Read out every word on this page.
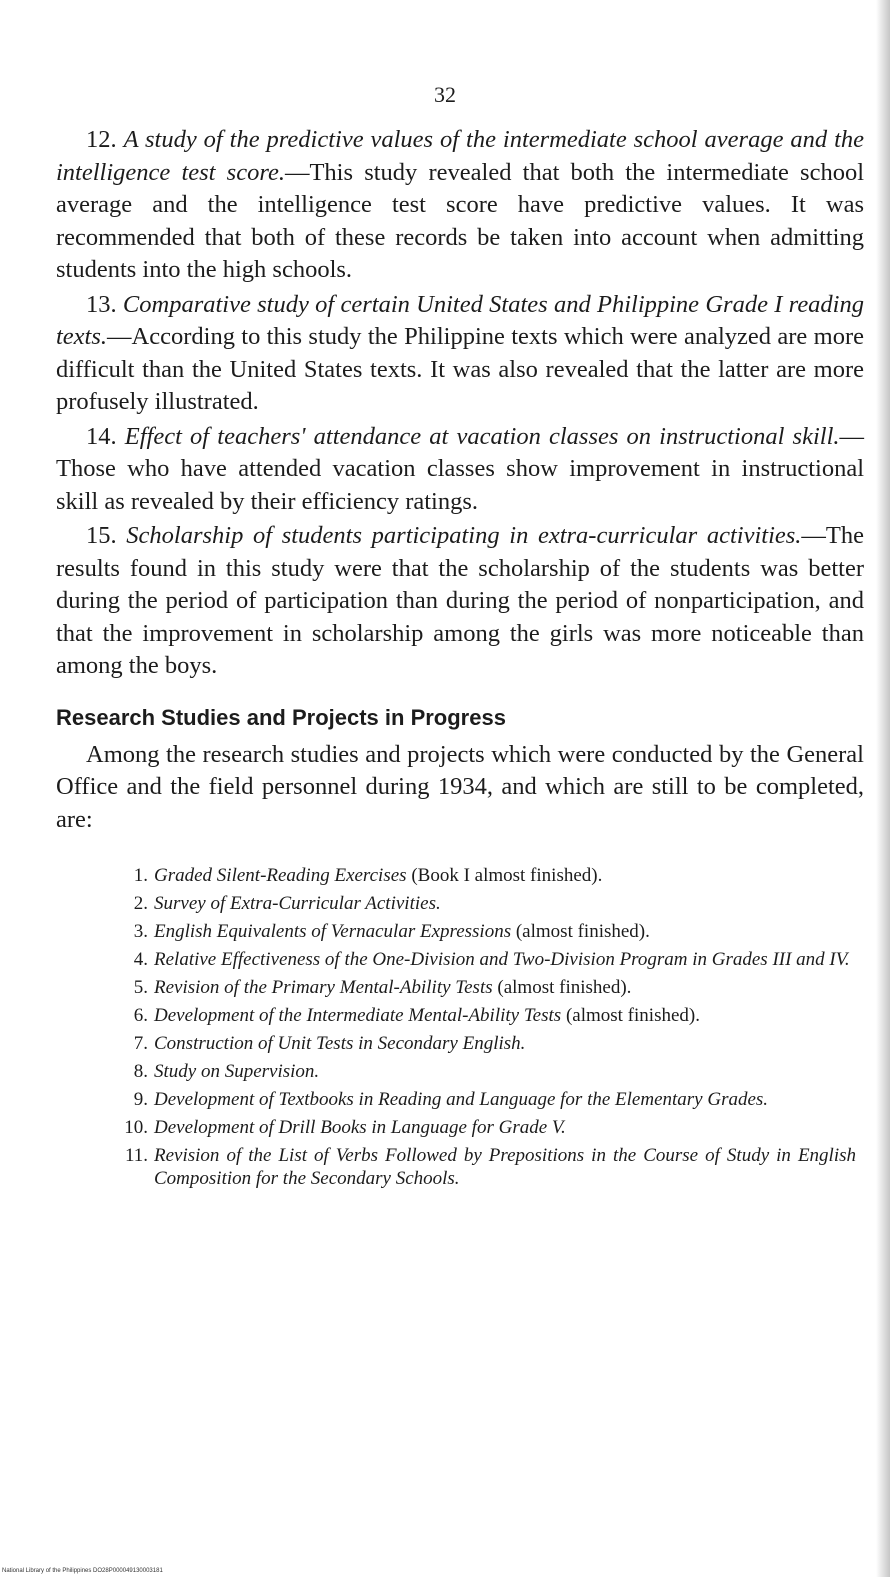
32

12. A study of the predictive values of the intermediate school average and the intelligence test score.—This study revealed that both the intermediate school average and the intelligence test score have predictive values. It was recommended that both of these records be taken into account when admitting students into the high schools.

13. Comparative study of certain United States and Philippine Grade I reading texts.—According to this study the Philippine texts which were analyzed are more difficult than the United States texts. It was also revealed that the latter are more profusely illustrated.

14. Effect of teachers' attendance at vacation classes on instructional skill.—Those who have attended vacation classes show improvement in instructional skill as revealed by their efficiency ratings.

15. Scholarship of students participating in extra-curricular activities.—The results found in this study were that the scholarship of the students was better during the period of participation than during the period of nonparticipation, and that the improvement in scholarship among the girls was more noticeable than among the boys.

Research Studies and Projects in Progress

Among the research studies and projects which were conducted by the General Office and the field personnel during 1934, and which are still to be completed, are:

1. Graded Silent-Reading Exercises (Book I almost finished).
2. Survey of Extra-Curricular Activities.
3. English Equivalents of Vernacular Expressions (almost finished).
4. Relative Effectiveness of the One-Division and Two-Division Program in Grades III and IV.
5. Revision of the Primary Mental-Ability Tests (almost finished).
6. Development of the Intermediate Mental-Ability Tests (almost finished).
7. Construction of Unit Tests in Secondary English.
8. Study on Supervision.
9. Development of Textbooks in Reading and Language for the Elementary Grades.
10. Development of Drill Books in Language for Grade V.
11. Revision of the List of Verbs Followed by Prepositions in the Course of Study in English Composition for the Secondary Schools.
National Library of the Philippines DO28P000049130003181
